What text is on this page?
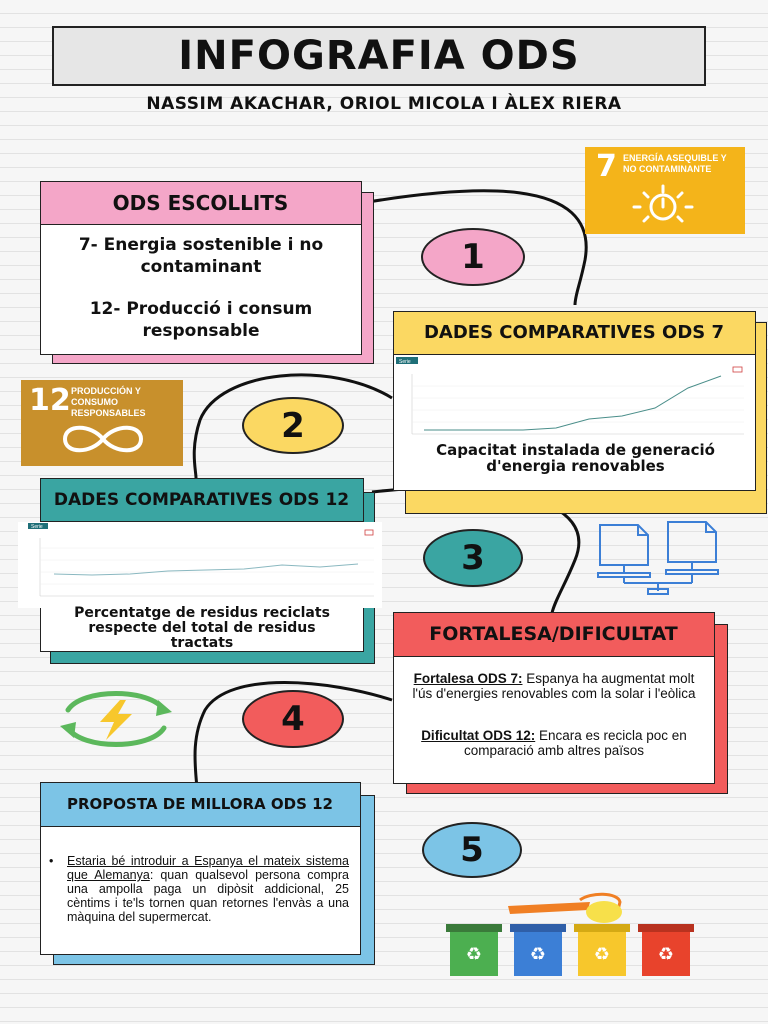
INFOGRAFIA ODS
NASSIM AKACHAR, ORIOL MICOLA I ÀLEX RIERA
ODS ESCOLLITS
7- Energia sostenible i no contaminant
12- Producció i consum responsable
7 ENERGÍA ASEQUIBLE Y NO CONTAMINANTE
1
DADES COMPARATIVES ODS 7
Serie
Capacitat instalada de generació d'energia renovables
12 PRODUCCIÓN Y CONSUMO RESPONSABLES	2
DADES COMPARATIVES ODS 12
Serie
Percentatge de residus reciclats respecte del total de residus tractats
3
FORTALESA/DIFICULTAT
Fortalesa ODS 7: Espanya ha augmentat molt l'ús d'energies renovables com la solar i l'eòlica
Dificultat ODS 12: Encara es recicla poc en comparació amb altres països
4
PROPOSTA DE MILLORA ODS 12
•	Estaria bé introduir a Espanya el mateix sistema que Alemanya: quan qualsevol persona compra una ampolla paga un dipòsit addicional, 25 cèntims i te'ls tornen quan retornes l'envàs a una màquina del supermercat.
5
♻	♻	♻	♻
